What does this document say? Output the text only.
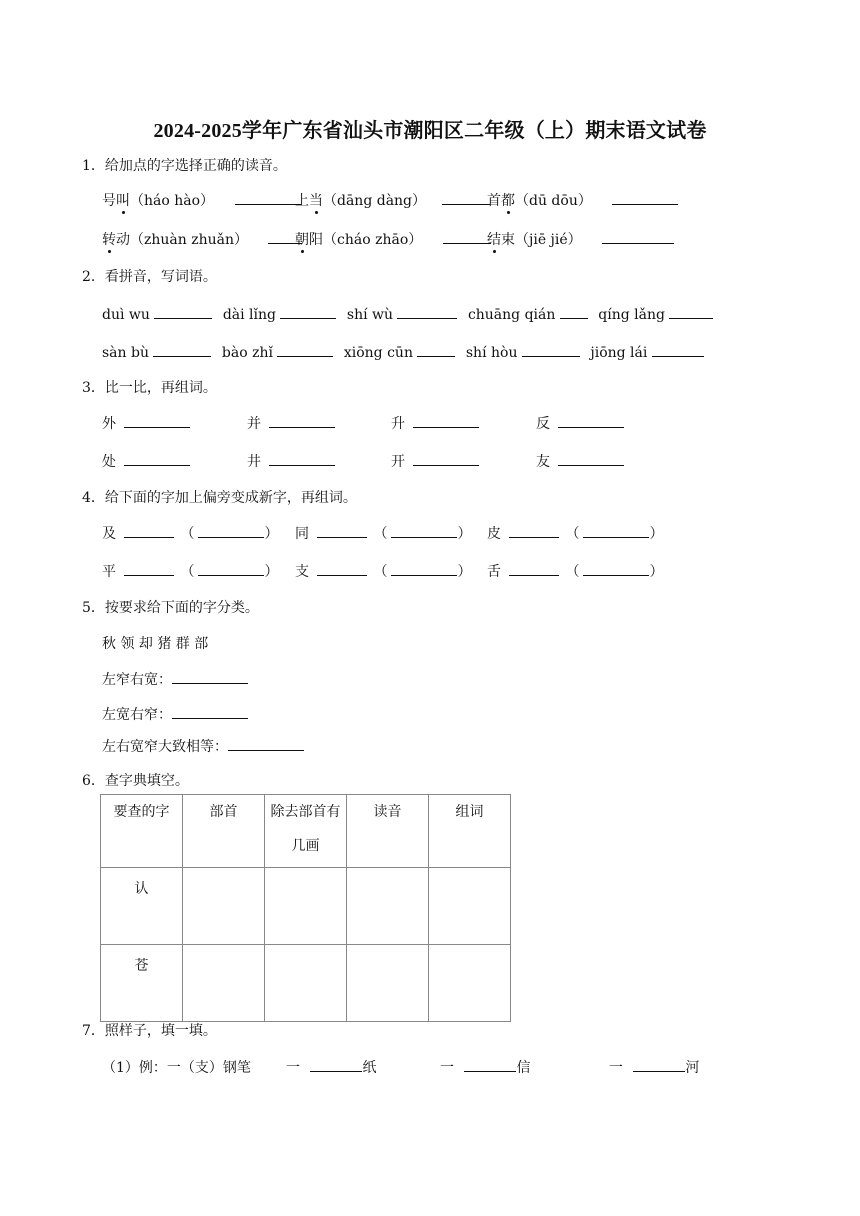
2024-2025学年广东省汕头市潮阳区二年级（上）期末语文试卷
1．给加点的字选择正确的读音。
号叫（háo hào）	上当（dāng dàng）	首都（dū dōu）
转动（zhuàn zhuǎn）	朝阳（cháo zhāo）	结束（jiē jié）
2．看拼音，写词语。
duì wu	dài lǐng	shí wù	chuāng qián	qíng lǎng
sàn bù	bào zhǐ	xiōng cūn	shí hòu	jiōng lái
3．比一比，再组词。
外	并	升	反
处	井	开	友
4．给下面的字加上偏旁变成新字，再组词。
及	（	） 同	（	） 皮	（	）
平	（	） 支	（	） 舌	（	）
5．按要求给下面的字分类。
秋 领 却 猪 群 部
左窄右宽：
左宽右窄：
左右宽窄大致相等：
6．查字典填空。
要查的字	部首	除去部首有几画	读音	组词
认				
苍				
7．照样子，填一填。
（1）例：一（支）钢笔	一	纸	一	信	一	河
